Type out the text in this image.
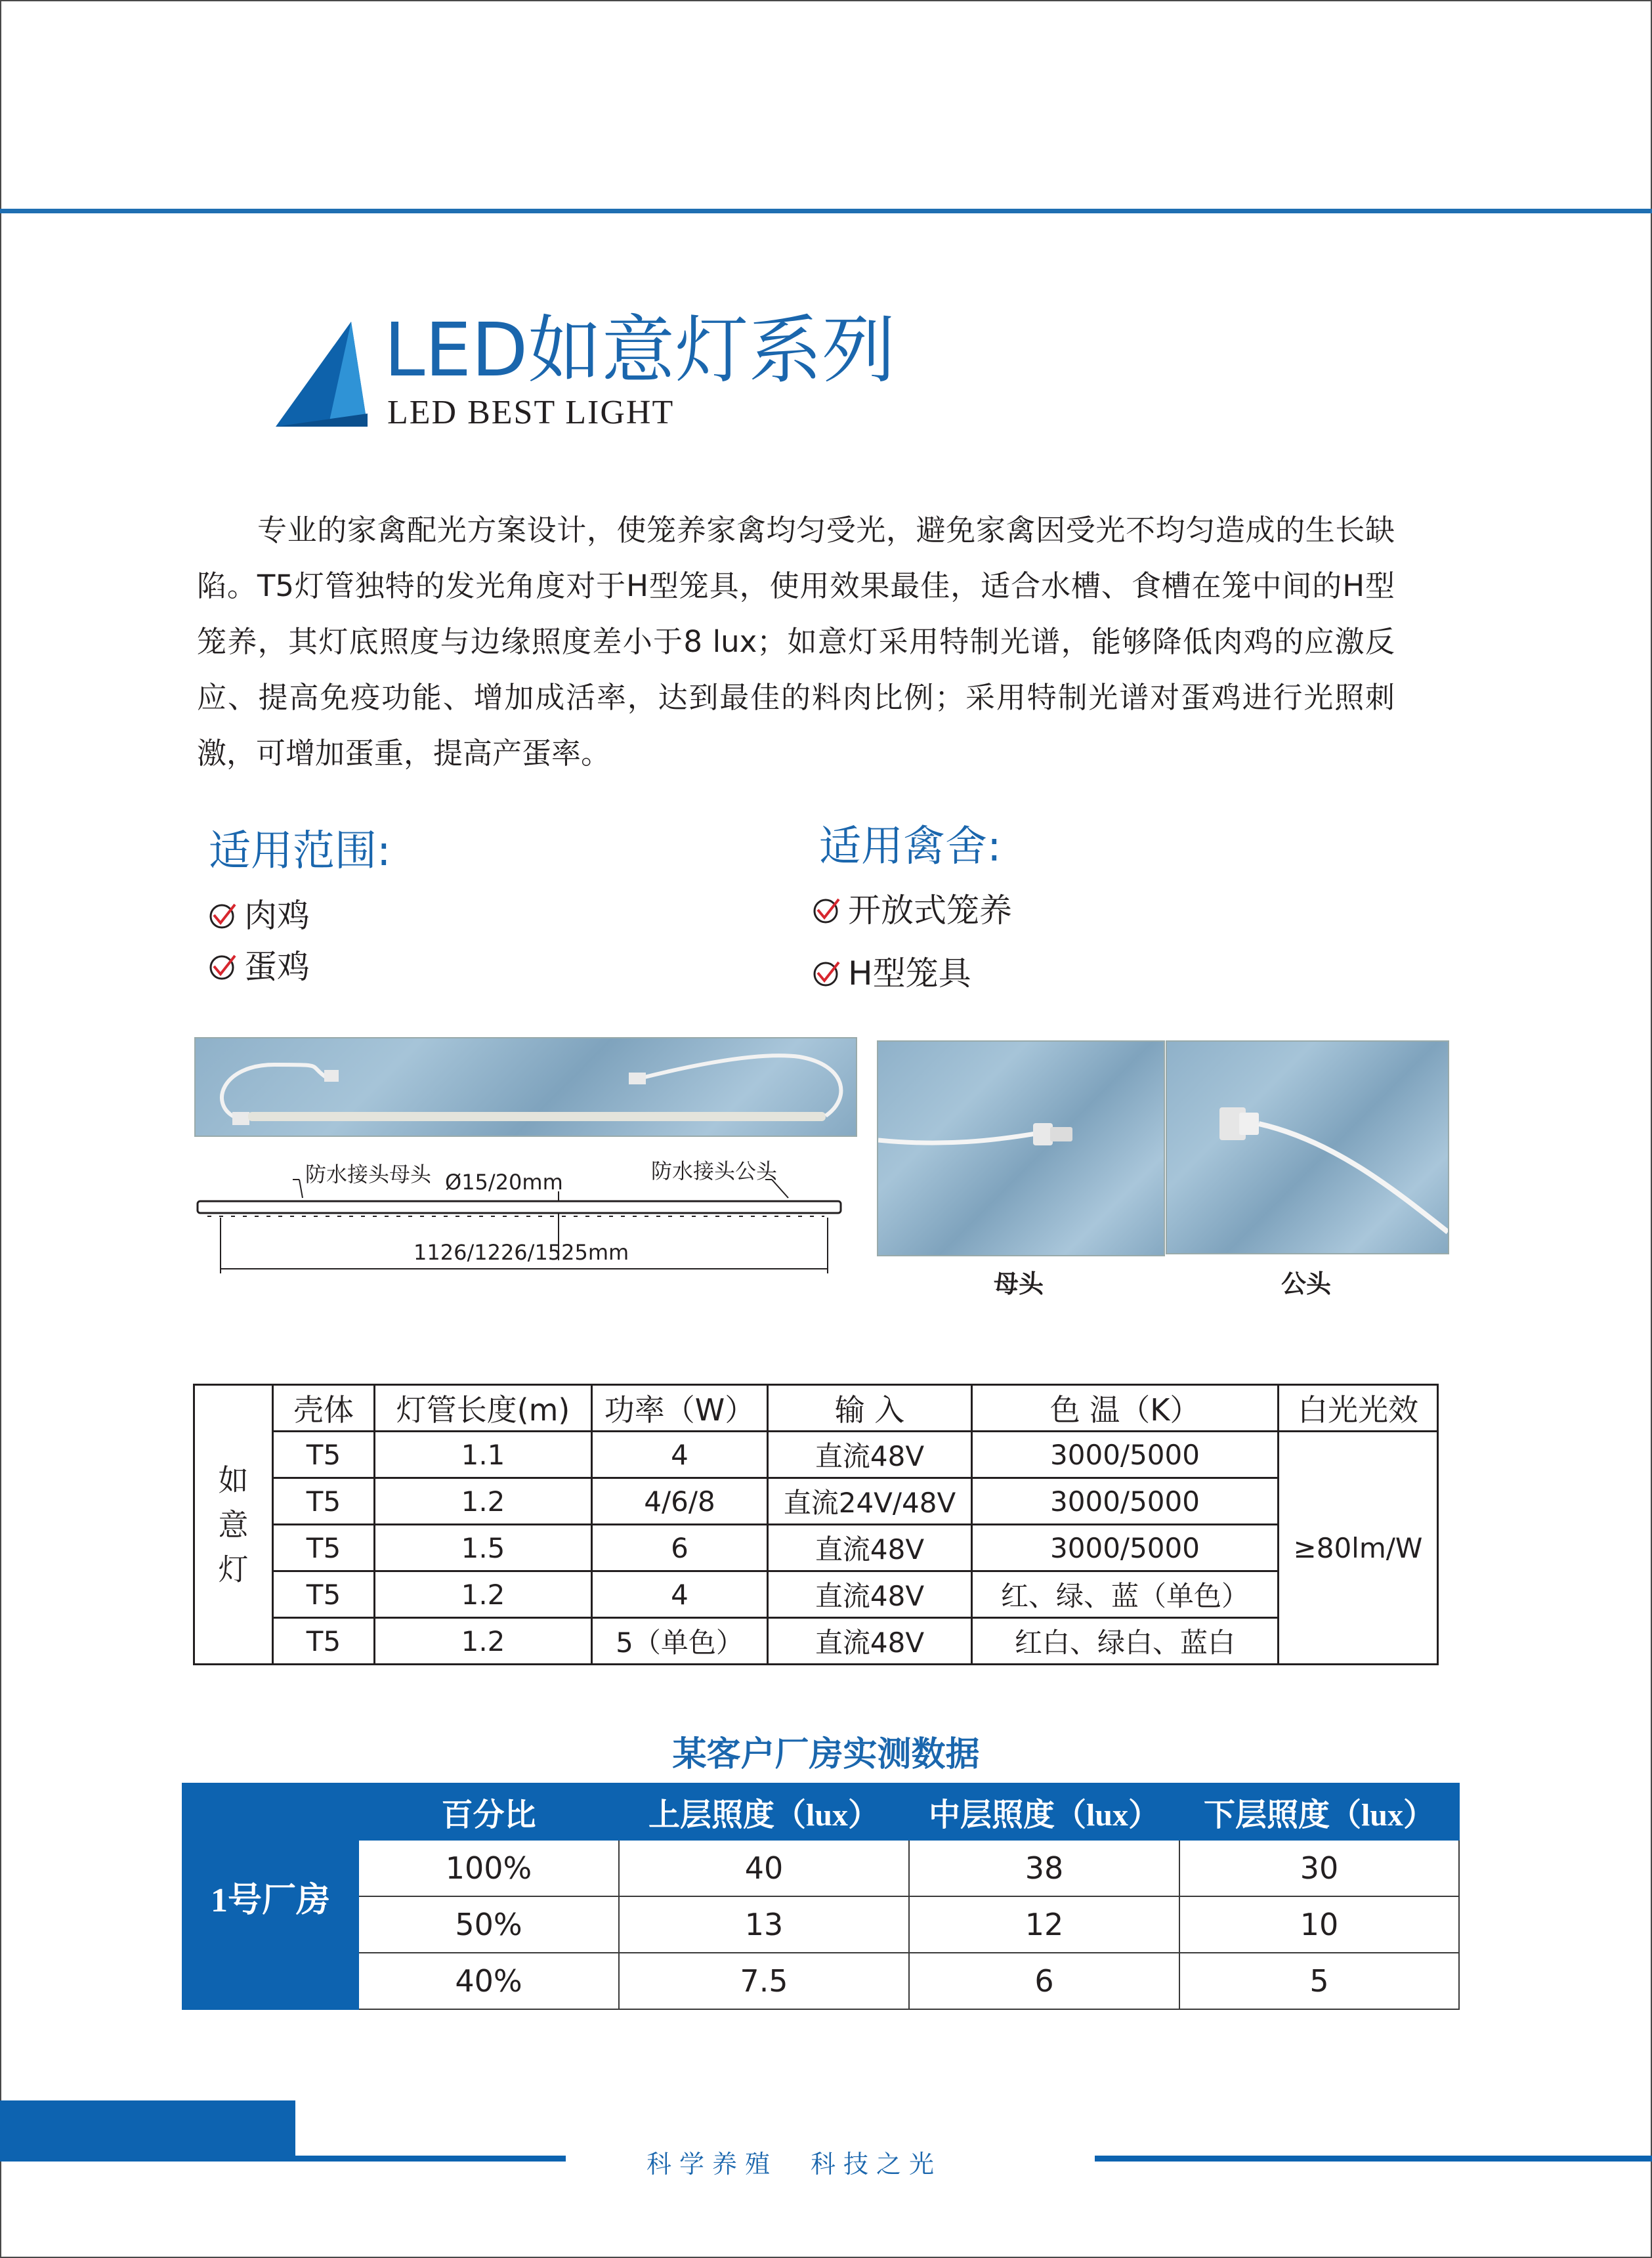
LED如意灯系列
LED BEST LIGHT
专业的家禽配光方案设计，使笼养家禽均匀受光，避免家禽因受光不均匀造成的生长缺陷。T5灯管独特的发光角度对于H型笼具，使用效果最佳，适合水槽、食槽在笼中间的H型笼养，其灯底照度与边缘照度差小于8 lux；如意灯采用特制光谱，能够降低肉鸡的应激反应、提高免疫功能、增加成活率，达到最佳的料肉比例；采用特制光谱对蛋鸡进行光照刺激，可增加蛋重，提高产蛋率。
适用范围:
肉鸡
蛋鸡
适用禽舍:
开放式笼养
H型笼具
防水接头母头 Ø15/20mm	防水接头公头
1126/1226/1525mm
母头	公头
如意灯	壳体	灯管长度(m)	功率（W）	输 入	色 温（K）	白光光效
	T5	1.1	4	直流48V	3000/5000	≥80lm/W
	T5	1.2	4/6/8	直流24V/48V	3000/5000	
	T5	1.5	6	直流48V	3000/5000	
	T5	1.2	4	直流48V	红、绿、蓝（单色）	
	T5	1.2	5（单色）	直流48V	红白、绿白、蓝白	
某客户厂房实测数据
1号厂房	百分比	上层照度（lux）	中层照度（lux）	下层照度（lux）
	100%	40	38	30
	50%	13	12	10
	40%	7.5	6	5
科学养殖　科技之光
